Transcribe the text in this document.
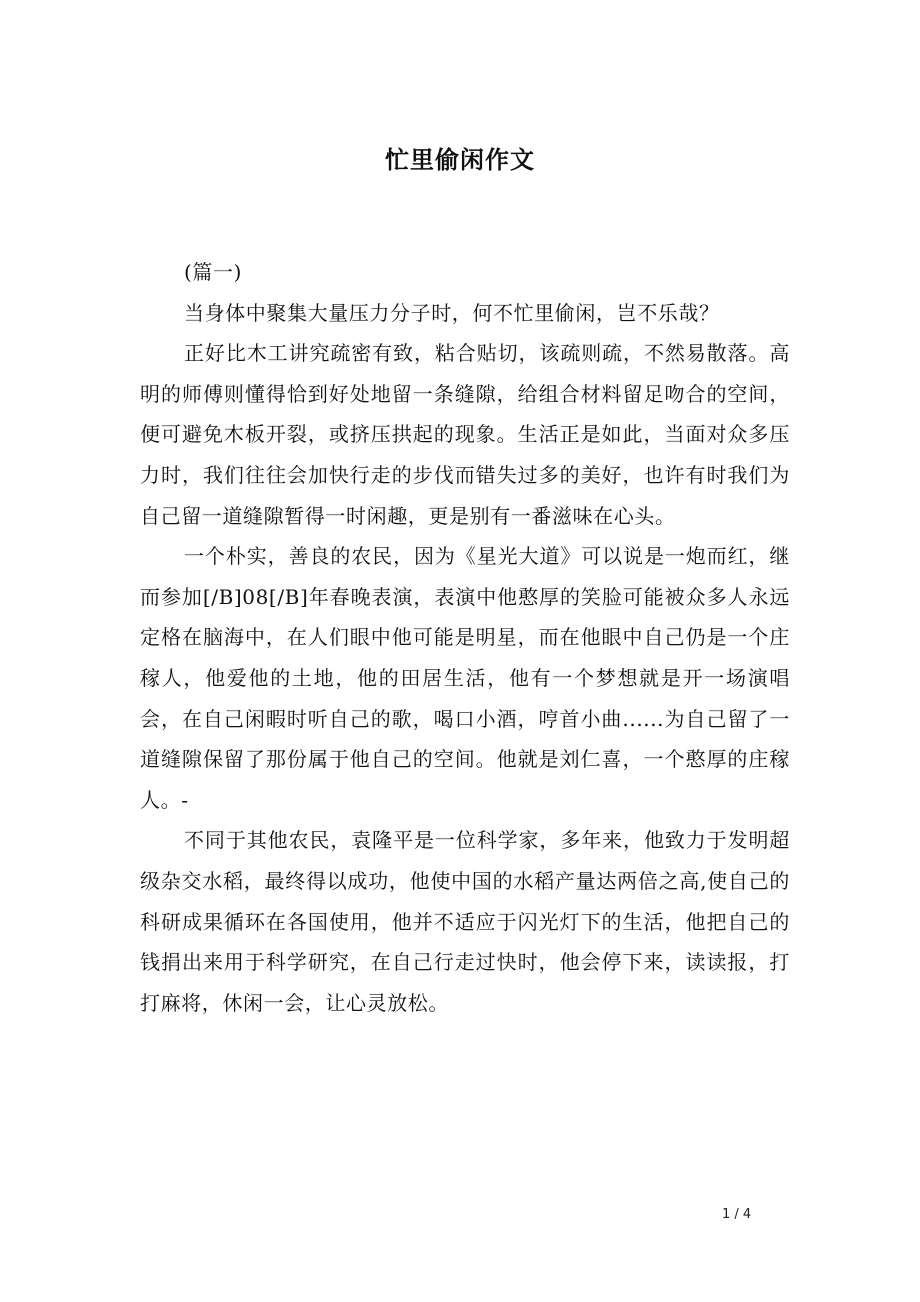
忙里偷闲作文

(篇一)

当身体中聚集大量压力分子时，何不忙里偷闲，岂不乐哉？

正好比木工讲究疏密有致，粘合贴切，该疏则疏，不然易散落。高明的师傅则懂得恰到好处地留一条缝隙，给组合材料留足吻合的空间，便可避免木板开裂，或挤压拱起的现象。生活正是如此，当面对众多压力时，我们往往会加快行走的步伐而错失过多的美好，也许有时我们为自己留一道缝隙暂得一时闲趣，更是别有一番滋味在心头。

一个朴实，善良的农民，因为《星光大道》可以说是一炮而红，继而参加[/B]08[/B]年春晚表演，表演中他憨厚的笑脸可能被众多人永远定格在脑海中，在人们眼中他可能是明星，而在他眼中自己仍是一个庄稼人，他爱他的土地，他的田居生活，他有一个梦想就是开一场演唱会，在自己闲暇时听自己的歌，喝口小酒，哼首小曲......为自己留了一道缝隙保留了那份属于他自己的空间。他就是刘仁喜，一个憨厚的庄稼人。-

不同于其他农民，袁隆平是一位科学家，多年来，他致力于发明超级杂交水稻，最终得以成功，他使中国的水稻产量达两倍之高,使自己的科研成果循环在各国使用，他并不适应于闪光灯下的生活，他把自己的钱捐出来用于科学研究，在自己行走过快时，他会停下来，读读报，打打麻将，休闲一会，让心灵放松。

1 / 4
